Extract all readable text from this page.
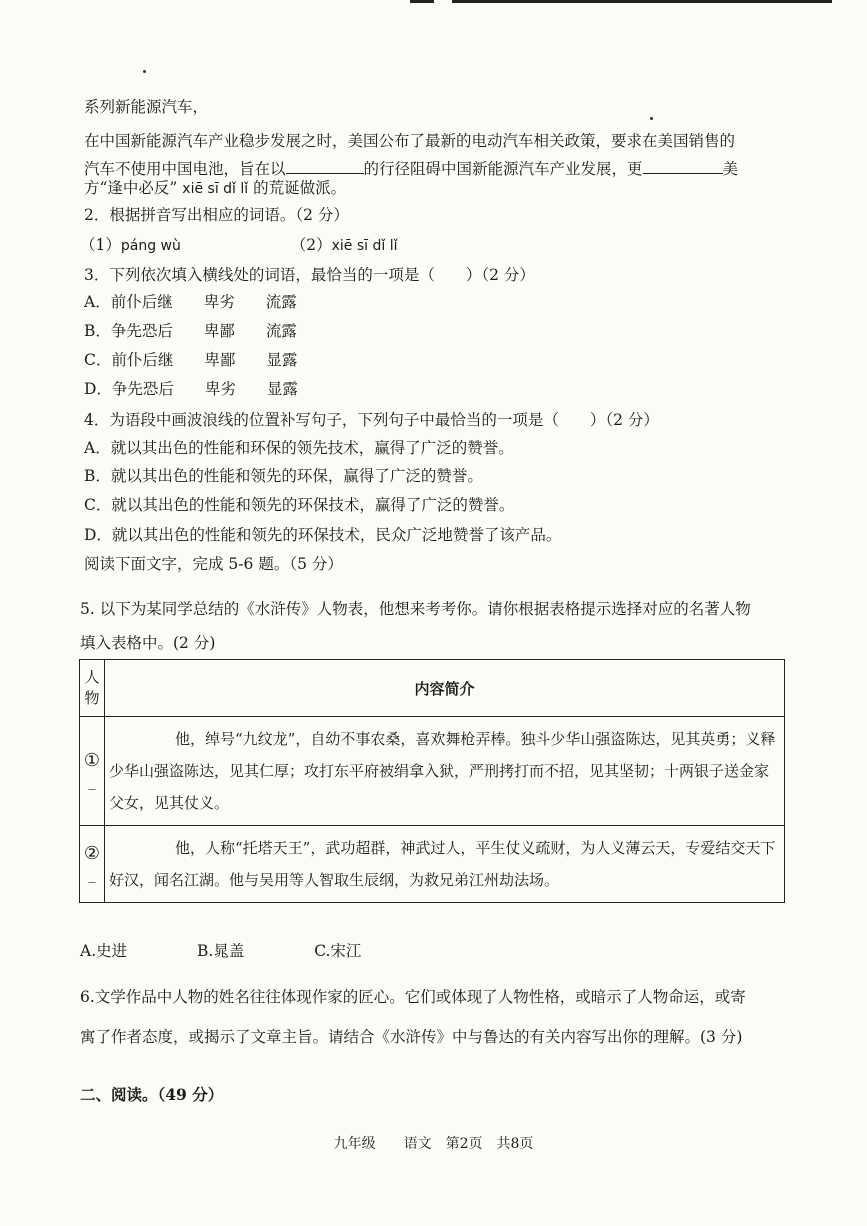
系列新能源汽车，
在中国新能源汽车产业稳步发展之时，美国公布了最新的电动汽车相关政策，要求在美国销售的
汽车不使用中国电池，旨在以	的行径阻碍中国新能源汽车产业发展，更	美
方“逢中必反” xiē sī dǐ lǐ 的荒诞做派。
2．根据拼音写出相应的词语。（2 分）
（1）páng wù	（2）xiē sī dǐ lǐ
3．下列依次填入横线处的词语，最恰当的一项是（　　）（2 分）
A．前仆后继　　卑劣　　流露
B．争先恐后　　卑鄙　　流露
C．前仆后继　　卑鄙　　显露
D．争先恐后　　卑劣　　显露
4．为语段中画波浪线的位置补写句子，下列句子中最恰当的一项是（　　）（2 分）
A．就以其出色的性能和环保的领先技术，赢得了广泛的赞誉。
B．就以其出色的性能和领先的环保，赢得了广泛的赞誉。
C．就以其出色的性能和领先的环保技术，赢得了广泛的赞誉。
D．就以其出色的性能和领先的环保技术，民众广泛地赞誉了该产品。
阅读下面文字，完成 5-6 题。（5 分）
5. 以下为某同学总结的《水浒传》人物表，他想来考考你。请你根据表格提示选择对应的名著人物
填入表格中。(2 分)
人物	内容简介

①
_	他，绰号“九纹龙”，自幼不事农桑，喜欢舞枪弄棒。独斗少华山强盗陈达，见其英勇；义释少华山强盗陈达，见其仁厚；攻打东平府被绢拿入狱，严刑拷打而不招，见其坚韧；十两银子送金家父女，见其仗义。

②
_	他，人称“托塔天王”，武功超群，神武过人，平生仗义疏财，为人义薄云天，专爱结交天下好汉，闻名江湖。他与吴用等人智取生辰纲，为救兄弟江州劫法场。
A.史进	B.晁盖	C.宋江
6.文学作品中人物的姓名往往体现作家的匠心。它们或体现了人物性格，或暗示了人物命运，或寄
寓了作者态度，或揭示了文章主旨。请结合《水浒传》中与鲁达的有关内容写出你的理解。(3 分)
二、阅读。（49 分）
九年级　　语文　第2页　共8页
